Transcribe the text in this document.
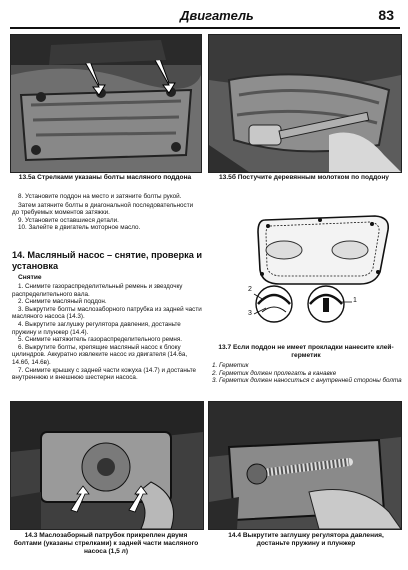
Двигатель	83
13.5а Стрелками указаны болты масляного поддона	13.5б Постучите деревянным молотком по поддону

8. Установите поддон на место и затяните болты рукой.

Затем затяните болты в диагональной последовательности до требуемых моментов затяжки.

9. Установите оставшиеся детали.

10. Залейте в двигатель моторное масло.

14. Масляный насос – снятие, проверка и установка
Снятие

1. Снимите газораспределительный ремень и звездочку распределительного вала.

2. Снимите масляный поддон.

3. Выкрутите болты маслозаборного патрубка из задней части масляного насоса (14.3).

4. Выкрутите заглушку регулятора давления, достаньте пружину и плунжер (14.4).

5. Снимите натяжитель газораспределительного ремня.

6. Выкрутите болты, крепящие масляный насос к блоку цилиндров. Аккуратно извлеките насос из двигателя (14.6а, 14.6б, 14.6в).

7. Снимите крышку с задней части кожуха (14.7) и достаньте внутреннюю и внешнюю шестерни насоса.

2
3
1
13.7 Если поддон не имеет прокладки нанесите клей-герметик
1. Герметик
2. Герметик должен пролегать в канавке
3. Герметик должен наноситься с внутренней стороны болта
14.3 Маслозаборный патрубок прикреплен двумя болтами (указаны стрелками) к задней части масляного насоса (1,5 л)
14.4 Выкрутите заглушку регулятора давления, достаньте пружину и плунжер
